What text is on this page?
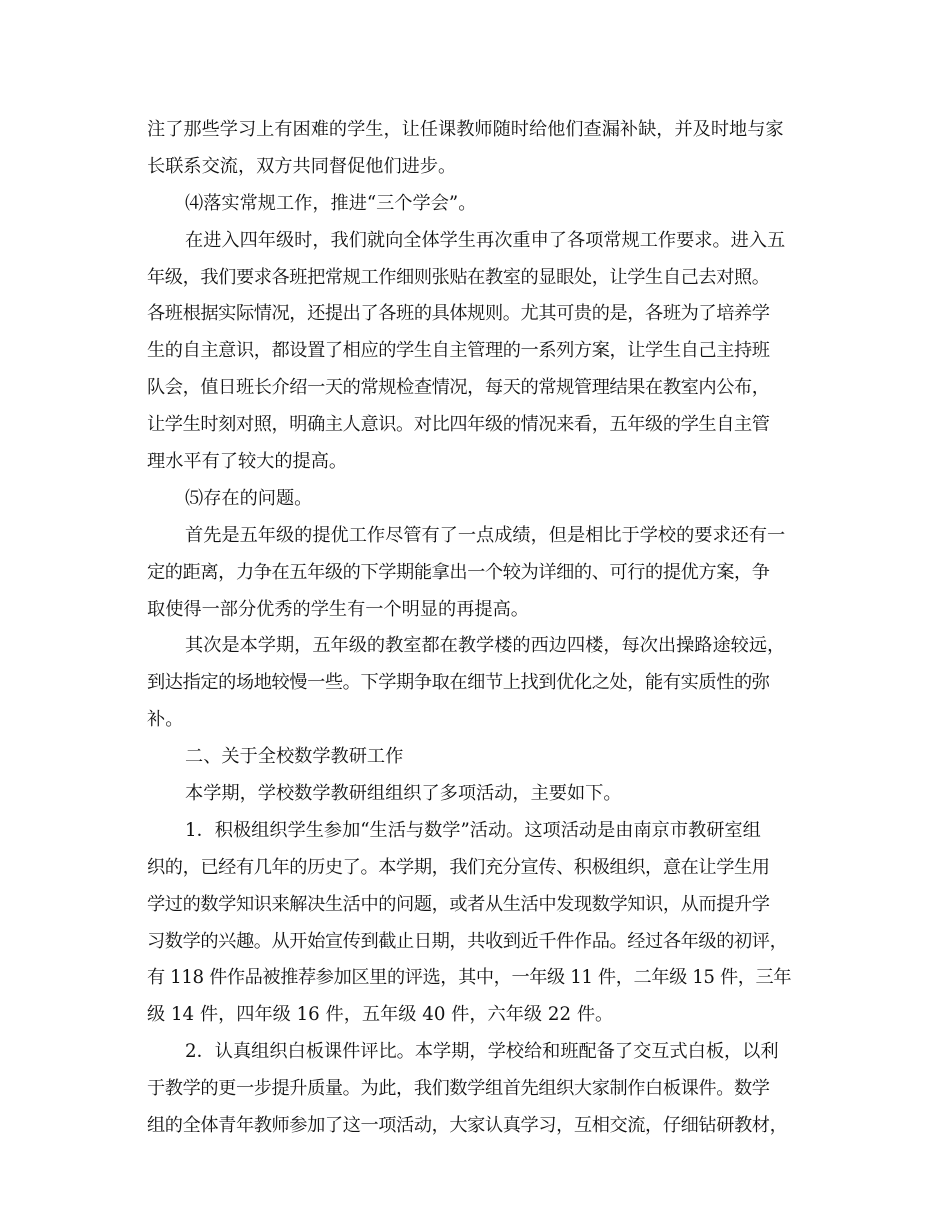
注了那些学习上有困难的学生，让任课教师随时给他们查漏补缺，并及时地与家
长联系交流，双方共同督促他们进步。
⑷落实常规工作，推进“三个学会”。
在进入四年级时，我们就向全体学生再次重申了各项常规工作要求。进入五
年级，我们要求各班把常规工作细则张贴在教室的显眼处，让学生自己去对照。
各班根据实际情况，还提出了各班的具体规则。尤其可贵的是，各班为了培养学
生的自主意识，都设置了相应的学生自主管理的一系列方案，让学生自己主持班
队会，值日班长介绍一天的常规检查情况，每天的常规管理结果在教室内公布，
让学生时刻对照，明确主人意识。对比四年级的情况来看，五年级的学生自主管
理水平有了较大的提高。
⑸存在的问题。
首先是五年级的提优工作尽管有了一点成绩，但是相比于学校的要求还有一
定的距离，力争在五年级的下学期能拿出一个较为详细的、可行的提优方案，争
取使得一部分优秀的学生有一个明显的再提高。
其次是本学期，五年级的教室都在教学楼的西边四楼，每次出操路途较远，
到达指定的场地较慢一些。下学期争取在细节上找到优化之处，能有实质性的弥
补。
二、关于全校数学教研工作
本学期，学校数学教研组组织了多项活动，主要如下。
1．积极组织学生参加“生活与数学”活动。这项活动是由南京市教研室组
织的，已经有几年的历史了。本学期，我们充分宣传、积极组织，意在让学生用
学过的数学知识来解决生活中的问题，或者从生活中发现数学知识，从而提升学
习数学的兴趣。从开始宣传到截止日期，共收到近千件作品。经过各年级的初评，
有 118 件作品被推荐参加区里的评选，其中，一年级 11 件，二年级 15 件，三年
级 14 件，四年级 16 件，五年级 40 件，六年级 22 件。
2．认真组织白板课件评比。本学期，学校给和班配备了交互式白板，以利
于教学的更一步提升质量。为此，我们数学组首先组织大家制作白板课件。数学
组的全体青年教师参加了这一项活动，大家认真学习，互相交流，仔细钻研教材，
